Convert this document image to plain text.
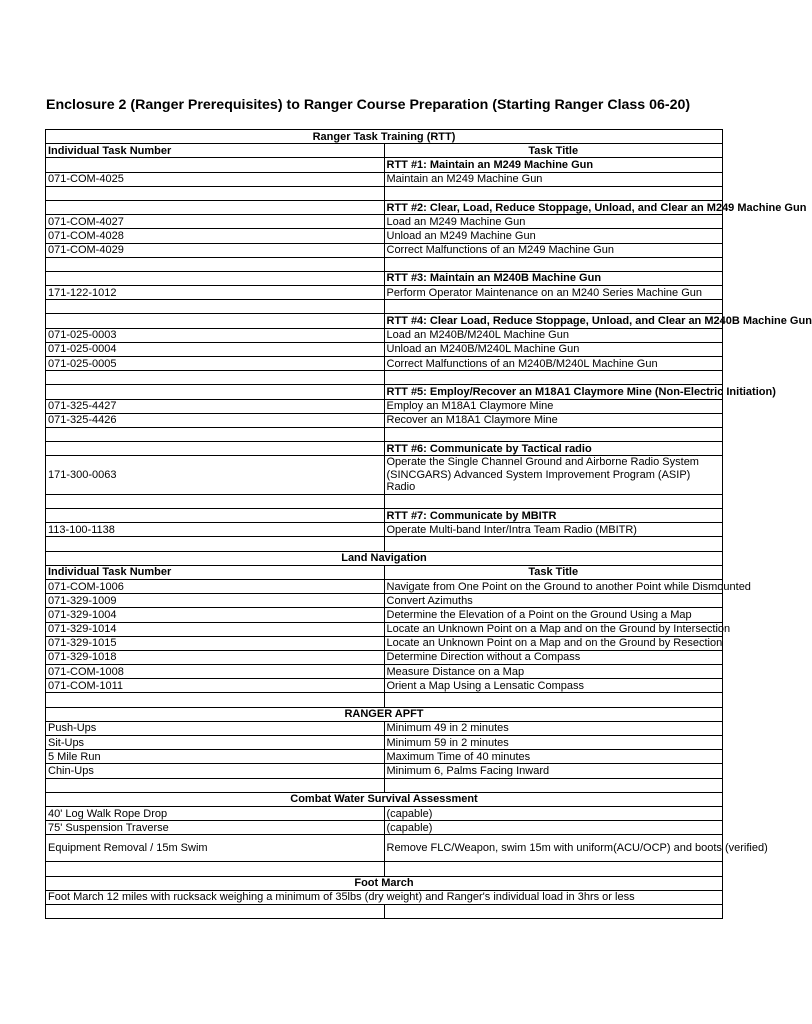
Enclosure 2 (Ranger Prerequisites) to Ranger Course Preparation (Starting Ranger Class 06-20)
Ranger Task Training (RTT)	
Individual Task Number	Task Title
	RTT #1: Maintain an M249 Machine Gun
071-COM-4025	Maintain an M249 Machine Gun

	RTT #2: Clear, Load, Reduce Stoppage, Unload, and Clear an M249 Machine Gun
071-COM-4027	Load an M249 Machine Gun
071-COM-4028	Unload an M249 Machine Gun
071-COM-4029	Correct Malfunctions of an M249 Machine Gun

	RTT #3: Maintain an M240B Machine Gun
171-122-1012	Perform Operator Maintenance on an M240 Series Machine Gun

	RTT #4: Clear Load, Reduce Stoppage, Unload, and Clear an M240B Machine Gun
071-025-0003	Load an M240B/M240L Machine Gun
071-025-0004	Unload an M240B/M240L Machine Gun
071-025-0005	Correct Malfunctions of an M240B/M240L Machine Gun

	RTT #5: Employ/Recover an M18A1 Claymore Mine (Non-Electric Initiation)
071-325-4427	Employ an M18A1 Claymore Mine
071-325-4426	Recover an M18A1 Claymore Mine

	RTT #6: Communicate by Tactical radio
171-300-0063	Operate the Single Channel Ground and Airborne Radio System (SINCGARS) Advanced System Improvement Program (ASIP) Radio

	RTT #7: Communicate by MBITR
113-100-1138	Operate Multi-band Inter/Intra Team Radio (MBITR)

Land Navigation	
Individual Task Number	Task Title
071-COM-1006	Navigate from One Point on the Ground to another Point while Dismounted
071-329-1009	Convert Azimuths
071-329-1004	Determine the Elevation of a Point on the Ground Using a Map
071-329-1014	Locate an Unknown Point on a Map and on the Ground by Intersection
071-329-1015	Locate an Unknown Point on a Map and on the Ground by Resection
071-329-1018	Determine Direction without a Compass
071-COM-1008	Measure Distance on a Map
071-COM-1011	Orient a Map Using a Lensatic Compass

RANGER APFT	
Push-Ups	Minimum 49 in 2 minutes
Sit-Ups	Minimum 59 in 2 minutes
5 Mile Run	Maximum Time of 40 minutes
Chin-Ups	Minimum 6, Palms Facing Inward

Combat Water Survival Assessment	
40' Log Walk Rope Drop	(capable)
75' Suspension Traverse	(capable)
Equipment Removal / 15m Swim	Remove FLC/Weapon, swim 15m with uniform(ACU/OCP) and boots (verified)

Foot March	
Foot March 12 miles with rucksack weighing a minimum of 35lbs (dry weight) and Ranger's individual load in 3hrs or less	
